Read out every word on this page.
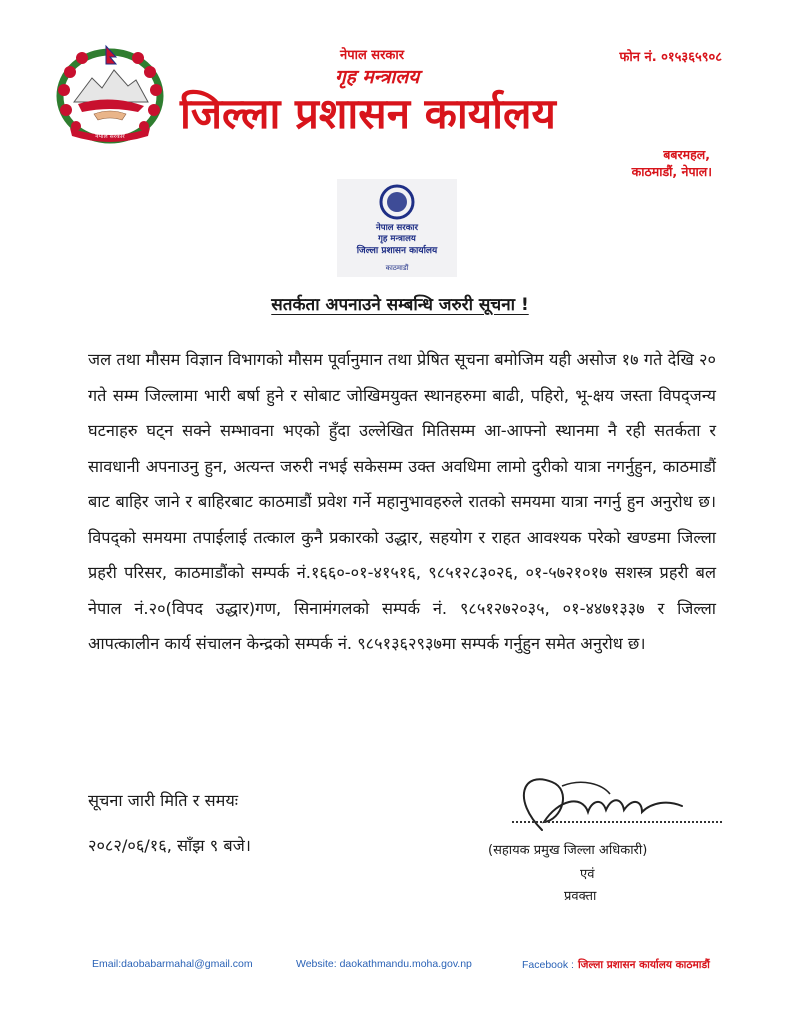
नेपाल सरकार
नेपाल सरकार
गृह मन्त्रालय
जिल्ला प्रशासन कार्यालय
फोन नं. ०१५३६५९०८
बबरमहल,
काठमाडौं, नेपाल।
नेपाल सरकार
गृह मन्त्रालय
जिल्ला प्रशासन कार्यालय
काठमाडौं
सतर्कता अपनाउने सम्बन्धि जरुरी सूचना !
जल तथा मौसम विज्ञान विभागको मौसम पूर्वानुमान तथा प्रेषित सूचना बमोजिम यही असोज १७ गते देखि २० गते सम्म जिल्लामा भारी बर्षा हुने र सोबाट जोखिमयुक्त स्थानहरुमा बाढी, पहिरो, भू-क्षय जस्ता विपद्जन्य घटनाहरु घट्न सक्ने सम्भावना भएको हुँदा उल्लेखित मितिसम्म आ-आफ्नो स्थानमा नै रही सतर्कता र सावधानी अपनाउनु हुन, अत्यन्त जरुरी नभई सकेसम्म उक्त अवधिमा लामो दुरीको यात्रा नगर्नुहुन, काठमाडौं बाट बाहिर जाने र बाहिरबाट काठमाडौं प्रवेश गर्ने महानुभावहरुले रातको समयमा यात्रा नगर्नु हुन अनुरोध छ। विपद्को समयमा तपाईलाई तत्काल कुनै प्रकारको उद्धार, सहयोग र राहत आवश्यक परेको खण्डमा जिल्ला प्रहरी परिसर, काठमाडौंको सम्पर्क नं.१६६०-०१-४१५१६, ९८५१२८३०२६, ०१-५७२१०१७ सशस्त्र प्रहरी बल नेपाल नं.२०(विपद उद्धार)गण, सिनामंगलको सम्पर्क नं. ९८५१२७२०३५, ०१-४४७१३३७ र जिल्ला आपत्कालीन कार्य संचालन केन्द्रको सम्पर्क नं. ९८५१३६२९३७मा सम्पर्क गर्नुहुन समेत अनुरोध छ।
सूचना जारी मिति र समयः
२०८२/०६/१६, साँझ ९ बजे।	(सहायक प्रमुख जिल्ला अधिकारी)
एवं
प्रवक्ता
Email:daobabarmahal@gmail.com	Website: daokathmandu.moha.gov.np	Facebook : जिल्ला प्रशासन कार्यालय काठमाडौं
